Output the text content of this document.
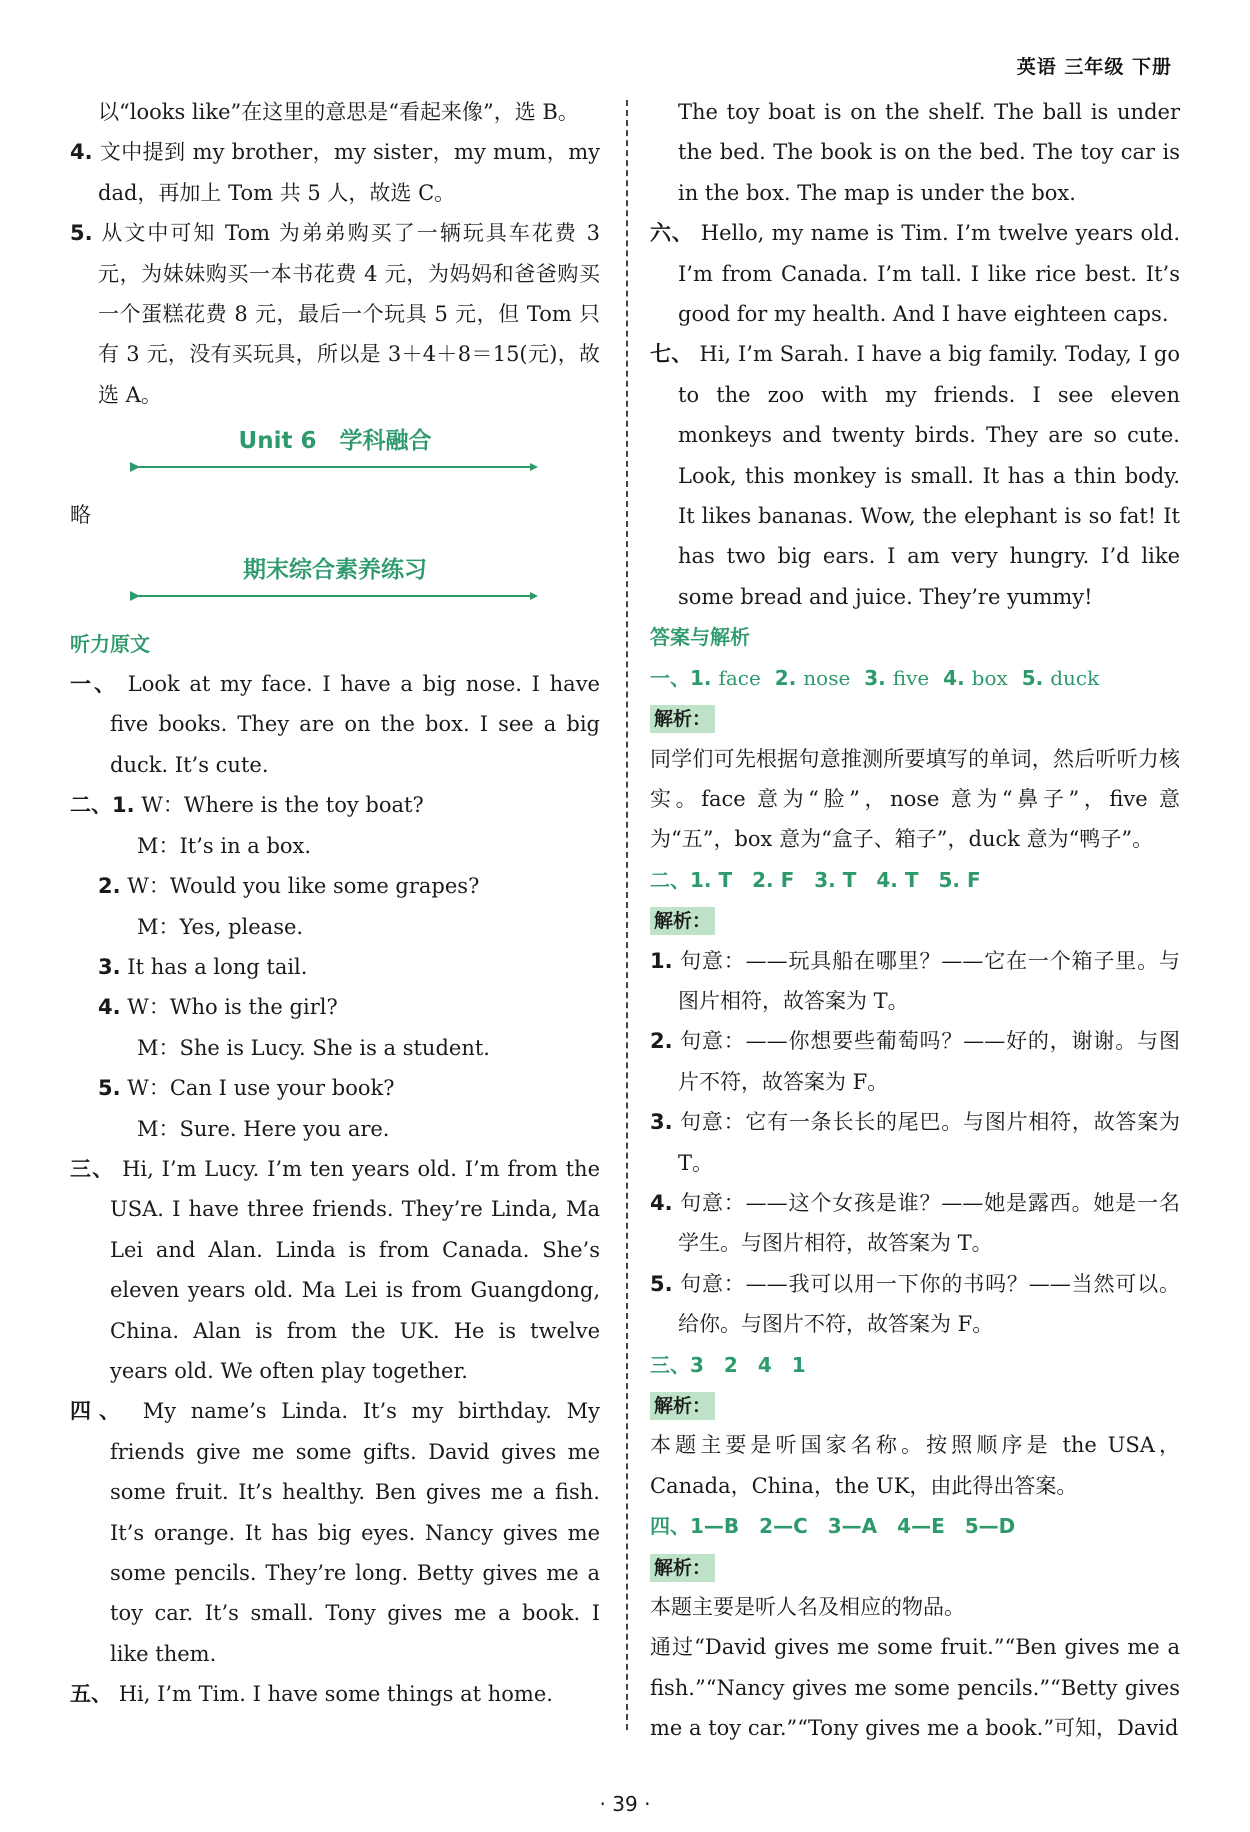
英语 三年级 下册

以“looks like”在这里的意思是“看起来像”，选 B。

4. 文中提到 my brother，my sister，my mum，my dad，再加上 Tom 共 5 人，故选 C。

5. 从文中可知 Tom 为弟弟购买了一辆玩具车花费 3 元，为妹妹购买一本书花费 4 元，为妈妈和爸爸购买一个蛋糕花费 8 元，最后一个玩具 5 元，但 Tom 只有 3 元，没有买玩具，所以是 3＋4＋8＝15(元)，故选 A。

Unit 6　学科融合

略

期末综合素养练习

听力原文

一、 Look at my face. I have a big nose. I have five books. They are on the box. I see a big duck. It’s cute.

二、1. W：Where is the toy boat?

M：It’s in a box.

2. W：Would you like some grapes?

M：Yes, please.

3. It has a long tail.

4. W：Who is the girl?

M：She is Lucy. She is a student.

5. W：Can I use your book?

M：Sure. Here you are.

三、 Hi, I’m Lucy. I’m ten years old. I’m from the USA. I have three friends. They’re Linda, Ma Lei and Alan. Linda is from Canada. She’s eleven years old. Ma Lei is from Guangdong, China. Alan is from the UK. He is twelve years old. We often play together.

四、 My name’s Linda. It’s my birthday. My friends give me some gifts. David gives me some fruit. It’s healthy. Ben gives me a fish. It’s orange. It has big eyes. Nancy gives me some pencils. They’re long. Betty gives me a toy car. It’s small. Tony gives me a book. I like them.

五、 Hi, I’m Tim. I have some things at home.

The toy boat is on the shelf. The ball is under the bed. The book is on the bed. The toy car is in the box. The map is under the box.

六、 Hello, my name is Tim. I’m twelve years old. I’m from Canada. I’m tall. I like rice best. It’s good for my health. And I have eighteen caps.

七、 Hi, I’m Sarah. I have a big family. Today, I go to the zoo with my friends. I see eleven monkeys and twenty birds. They are so cute. Look, this monkey is small. It has a thin body. It likes bananas. Wow, the elephant is so fat! It has two big ears. I am very hungry. I’d like some bread and juice. They’re yummy!

答案与解析

一、1. face 2. nose 3. five 4. box 5. duck

解析：

同学们可先根据句意推测所要填写的单词，然后听听力核实。face 意为“脸”，nose 意为“鼻子”，five 意为“五”，box 意为“盒子、箱子”，duck 意为“鸭子”。

二、1. T　2. F　3. T　4. T　5. F

解析：

1. 句意：——玩具船在哪里？——它在一个箱子里。与图片相符，故答案为 T。

2. 句意：——你想要些葡萄吗？——好的，谢谢。与图片不符，故答案为 F。

3. 句意：它有一条长长的尾巴。与图片相符，故答案为 T。

4. 句意：——这个女孩是谁？——她是露西。她是一名学生。与图片相符，故答案为 T。

5. 句意：——我可以用一下你的书吗？——当然可以。给你。与图片不符，故答案为 F。

三、3　2　4　1

解析：

本题主要是听国家名称。按照顺序是 the USA，Canada，China，the UK，由此得出答案。

四、1—B　2—C　3—A　4—E　5—D

解析：

本题主要是听人名及相应的物品。

通过“David gives me some fruit.”“Ben gives me a fish.”“Nancy gives me some pencils.”“Betty gives me a toy car.”“Tony gives me a book.”可知，David

· 39 ·
